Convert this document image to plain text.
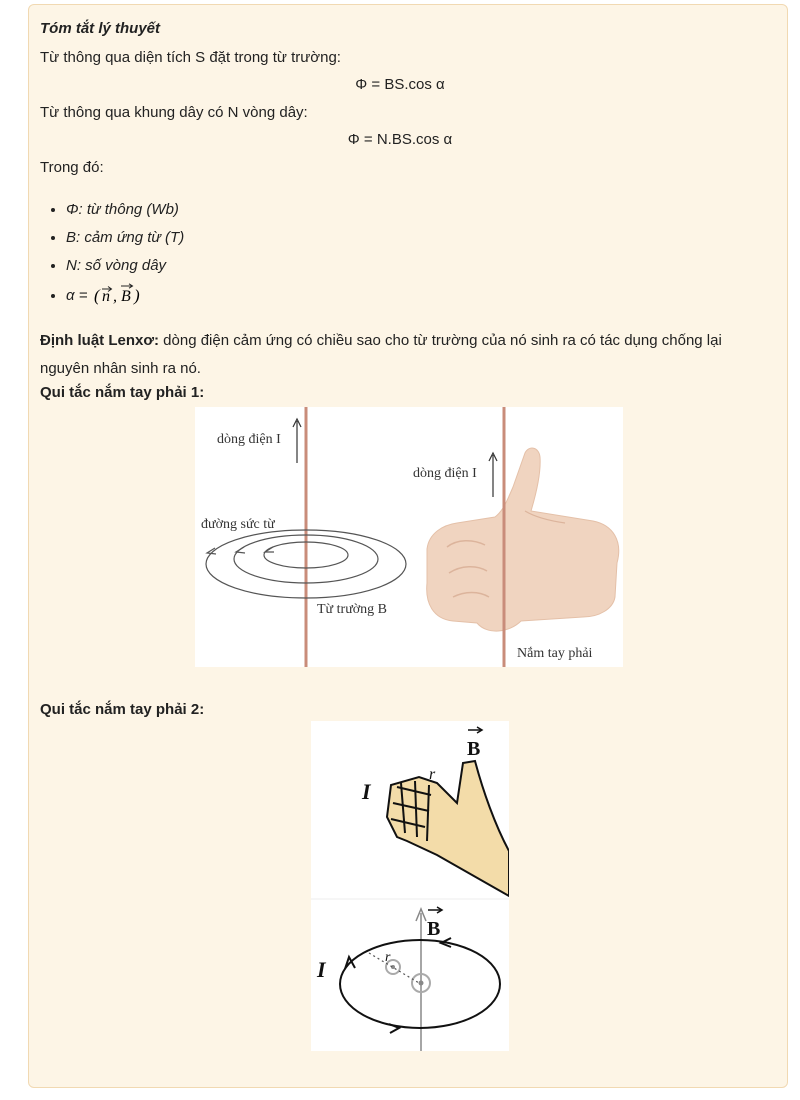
Tóm tắt lý thuyết
Từ thông qua diện tích S đặt trong từ trường:
Φ = BS.cos α
Từ thông qua khung dây có N vòng dây:
Φ = N.BS.cos α
Trong đó:
• Φ: từ thông (Wb)
• B: cảm ứng từ (T)
• N: số vòng dây
• α = ( n , B )
Định luật Lenxơ: dòng điện cảm ứng có chiều sao cho từ trường của nó sinh ra có tác dụng chống lại nguyên nhân sinh ra nó.
Qui tắc nắm tay phải 1:
dòng điện I
đường sức từ
Từ trường B
dòng điện I
Nắm tay phải
Qui tắc nắm tay phải 2:
B
I
r
B
I	r
